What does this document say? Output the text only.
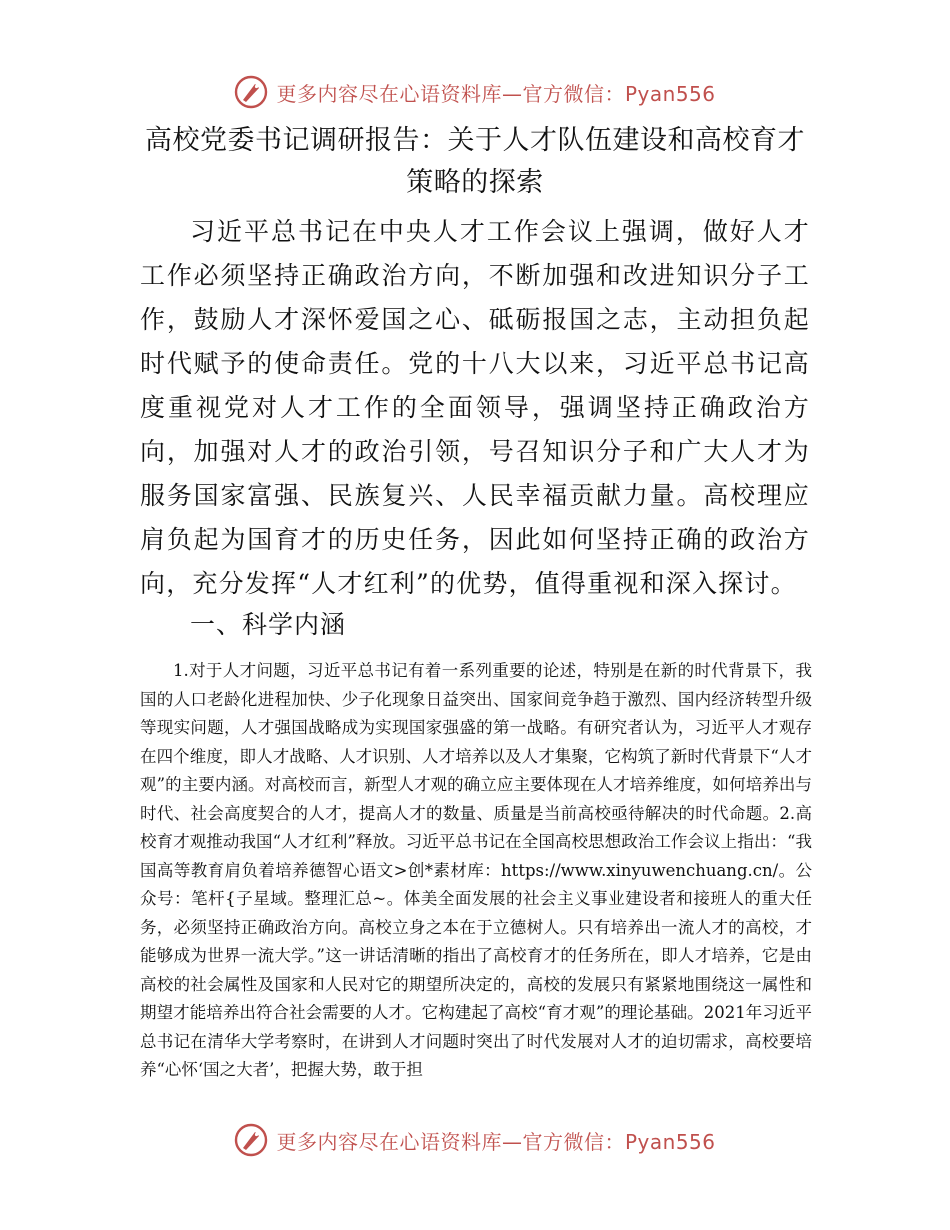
更多内容尽在心语资料库—官方微信：Pyan556
高校党委书记调研报告：关于人才队伍建设和高校育才策略的探索

习近平总书记在中央人才工作会议上强调，做好人才工作必须坚持正确政治方向，不断加强和改进知识分子工作，鼓励人才深怀爱国之心、砥砺报国之志，主动担负起时代赋予的使命责任。党的十八大以来，习近平总书记高度重视党对人才工作的全面领导，强调坚持正确政治方向，加强对人才的政治引领，号召知识分子和广大人才为服务国家富强、民族复兴、人民幸福贡献力量。高校理应肩负起为国育才的历史任务，因此如何坚持正确的政治方向，充分发挥“人才红利”的优势，值得重视和深入探讨。

一、科学内涵

1.对于人才问题，习近平总书记有着一系列重要的论述，特别是在新的时代背景下，我国的人口老龄化进程加快、少子化现象日益突出、国家间竞争趋于激烈、国内经济转型升级等现实问题，人才强国战略成为实现国家强盛的第一战略。有研究者认为，习近平人才观存在四个维度，即人才战略、人才识别、人才培养以及人才集聚，它构筑了新时代背景下“人才观”的主要内涵。对高校而言，新型人才观的确立应主要体现在人才培养维度，如何培养出与时代、社会高度契合的人才，提高人才的数量、质量是当前高校亟待解决的时代命题。2.高校育才观推动我国“人才红利”释放。习近平总书记在全国高校思想政治工作会议上指出：“我国高等教育肩负着培养德智心语文>创*素材库：https://www.xinyuwenchuang.cn/。公众号：笔杆{子星域。整理汇总~。体美全面发展的社会主义事业建设者和接班人的重大任务，必须坚持正确政治方向。高校立身之本在于立德树人。只有培养出一流人才的高校，才能够成为世界一流大学。”这一讲话清晰的指出了高校育才的任务所在，即人才培养，它是由高校的社会属性及国家和人民对它的期望所决定的，高校的发展只有紧紧地围绕这一属性和期望才能培养出符合社会需要的人才。它构建起了高校“育才观”的理论基础。2021年习近平总书记在清华大学考察时，在讲到人才问题时突出了时代发展对人才的迫切需求，高校要培养“心怀‘国之大者’，把握大势，敢于担

更多内容尽在心语资料库—官方微信：Pyan556
